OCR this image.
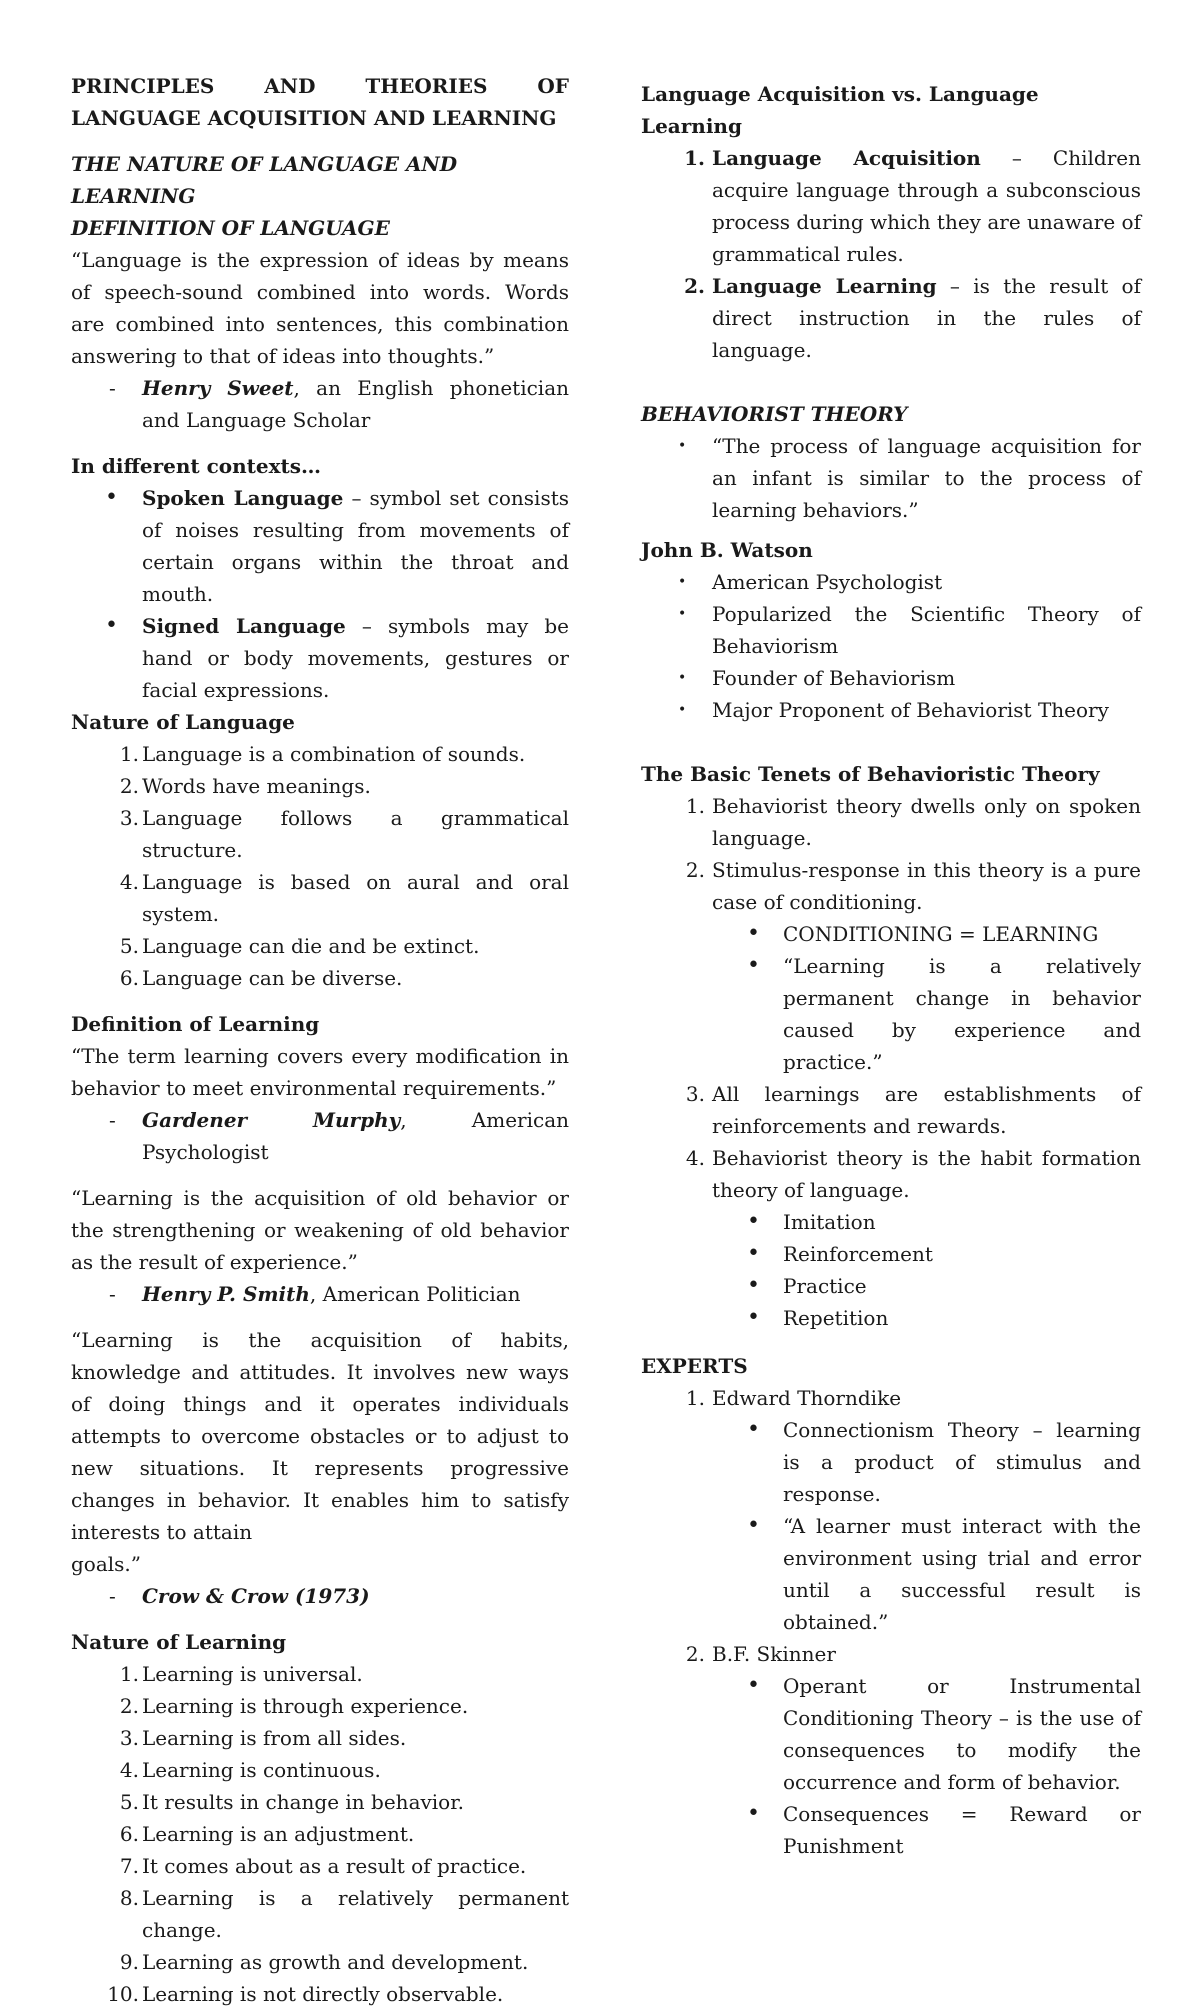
PRINCIPLES AND THEORIES OF LANGUAGE ACQUISITION AND LEARNING

THE NATURE OF LANGUAGE AND LEARNING

DEFINITION OF LANGUAGE

“Language is the expression of ideas by means of speech-sound combined into words. Words are combined into sentences, this combination answering to that of ideas into thoughts.”

- Henry Sweet, an English phonetician and Language Scholar

In different contexts…

• Spoken Language – symbol set consists of noises resulting from movements of certain organs within the throat and mouth.
• Signed Language – symbols may be hand or body movements, gestures or facial expressions.

Nature of Language

1. Language is a combination of sounds.
2. Words have meanings.
3. Language follows a grammatical structure.
4. Language is based on aural and oral system.
5. Language can die and be extinct.
6. Language can be diverse.

Definition of Learning

“The term learning covers every modification in behavior to meet environmental requirements.”

- Gardener Murphy, American Psychologist

“Learning is the acquisition of old behavior or the strengthening or weakening of old behavior as the result of experience.”

- Henry P. Smith, American Politician

“Learning is the acquisition of habits, knowledge and attitudes. It involves new ways of doing things and it operates individuals attempts to overcome obstacles or to adjust to new situations. It represents progressive changes in behavior. It enables him to satisfy interests to attain

goals.”

- Crow & Crow (1973)

Nature of Learning

1. Learning is universal.
2. Learning is through experience.
3. Learning is from all sides.
4. Learning is continuous.
5. It results in change in behavior.
6. Learning is an adjustment.
7. It comes about as a result of practice.
8. Learning is a relatively permanent change.
9. Learning as growth and development.
10. Learning is not directly observable.

Language Acquisition vs. Language Learning

1. Language Acquisition – Children acquire language through a subconscious process during which they are unaware of grammatical rules.
2. Language Learning – is the result of direct instruction in the rules of language.

BEHAVIORIST THEORY

• “The process of language acquisition for an infant is similar to the process of learning behaviors.”

John B. Watson

• American Psychologist
• Popularized the Scientific Theory of Behaviorism
• Founder of Behaviorism
• Major Proponent of Behaviorist Theory

The Basic Tenets of Behavioristic Theory

1. Behaviorist theory dwells only on spoken language.
2. Stimulus-response in this theory is a pure case of conditioning.
• CONDITIONING = LEARNING
• “Learning is a relatively permanent change in behavior caused by experience and practice.”
3. All learnings are establishments of reinforcements and rewards.
4. Behaviorist theory is the habit formation theory of language.
• Imitation
• Reinforcement
• Practice
• Repetition

EXPERTS

1. Edward Thorndike
• Connectionism Theory – learning is a product of stimulus and response.
• “A learner must interact with the environment using trial and error until a successful result is obtained.”
2. B.F. Skinner
• Operant or Instrumental Conditioning Theory – is the use of consequences to modify the occurrence and form of behavior.
• Consequences = Reward or Punishment
